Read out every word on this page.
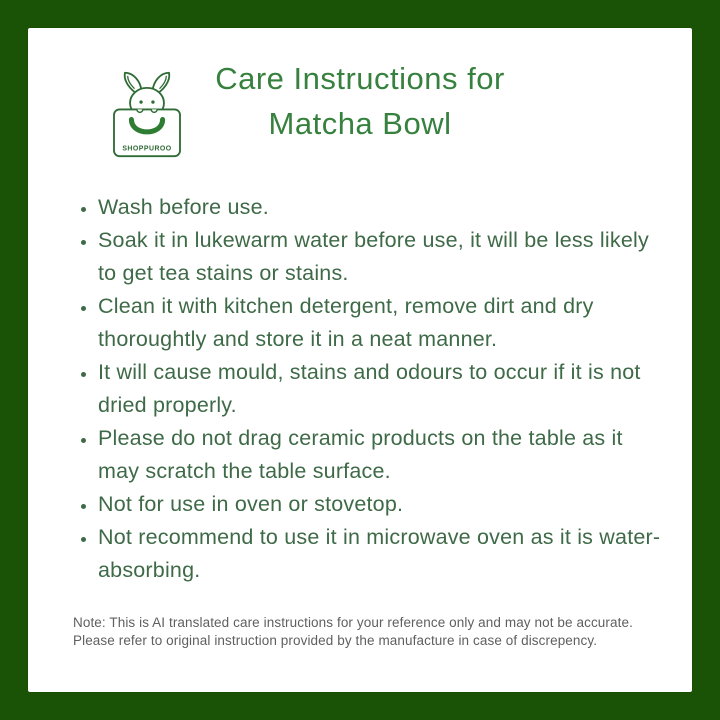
SHOPPUROO
Care Instructions for
Matcha Bowl
• Wash before use.
• Soak it in lukewarm water before use, it will be less likely to get tea stains or stains.
• Clean it with kitchen detergent, remove dirt and dry thoroughtly and store it in a neat manner.
• It will cause mould, stains and odours to occur if it is not dried properly.
• Please do not drag ceramic products on the table as it may scratch the table surface.
• Not for use in oven or stovetop.
• Not recommend to use it in microwave oven as it is water-absorbing.
Note: This is AI translated care instructions for your reference only and may not be accurate.
Please refer to original instruction provided by the manufacture in case of discrepency.
